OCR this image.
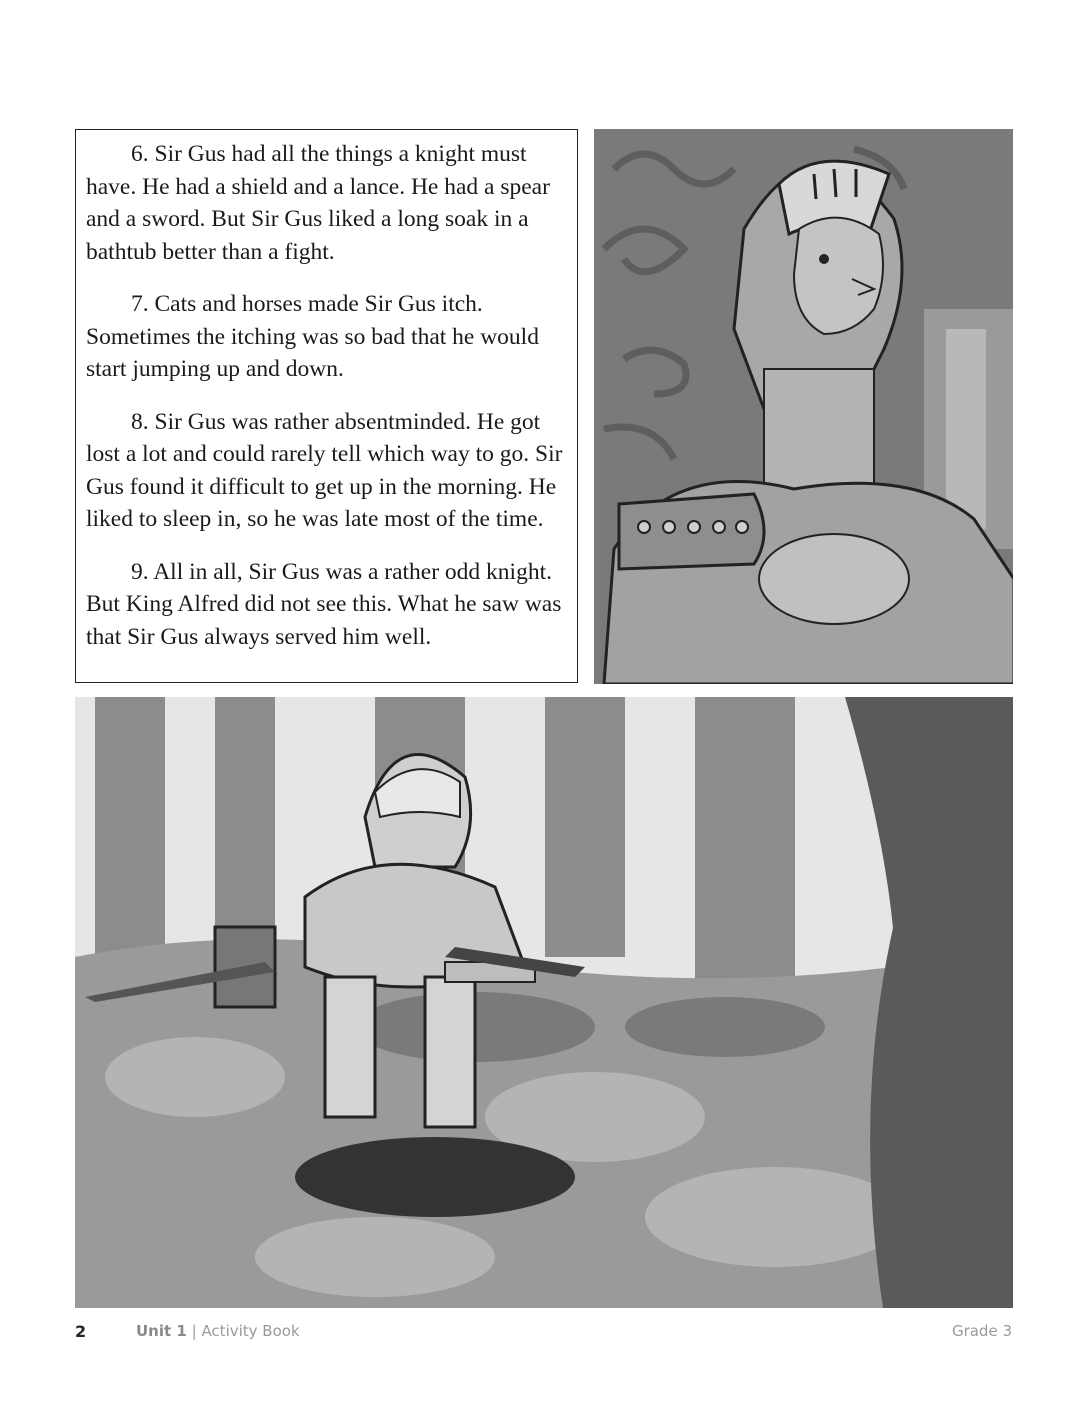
6. Sir Gus had all the things a knight must have. He had a shield and a lance. He had a spear and a sword. But Sir Gus liked a long soak in a bathtub better than a fight.

7. Cats and horses made Sir Gus itch. Sometimes the itching was so bad that he would start jumping up and down.

8. Sir Gus was rather absentminded. He got lost a lot and could rarely tell which way to go. Sir Gus found it difficult to get up in the morning. He liked to sleep in, so he was late most of the time.

9. All in all, Sir Gus was a rather odd knight. But King Alfred did not see this. What he saw was that Sir Gus always served him well.

2	Unit 1 | Activity Book	Grade 3
